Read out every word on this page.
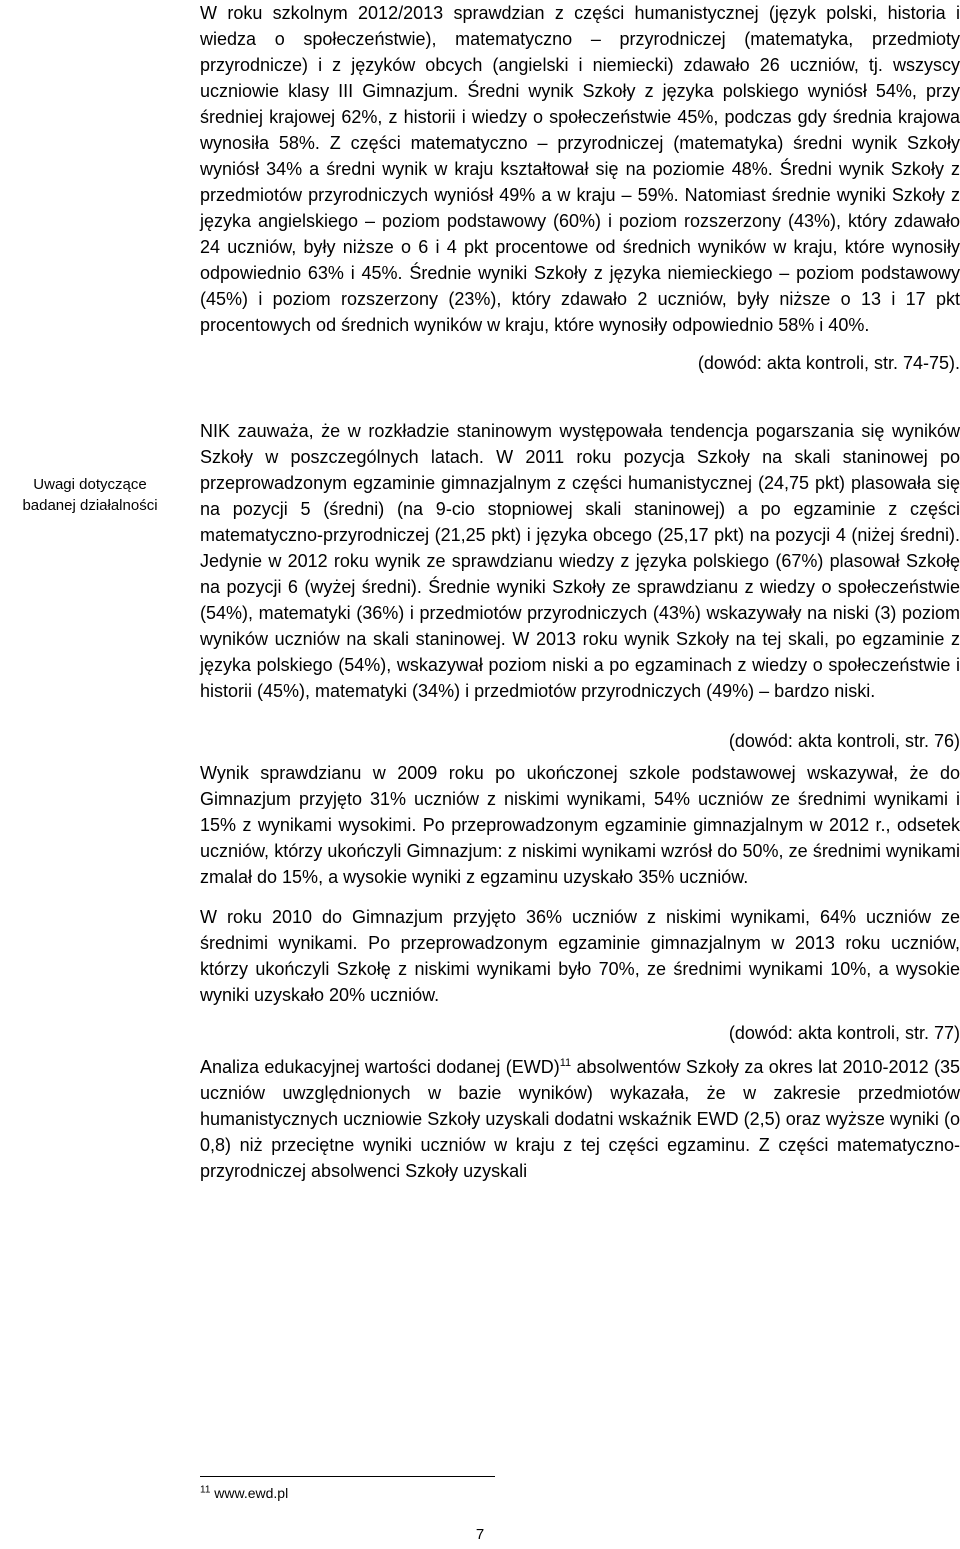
Uwagi dotyczące
badanej działalności

W roku szkolnym 2012/2013 sprawdzian z części humanistycznej (język polski, historia i wiedza o społeczeństwie), matematyczno – przyrodniczej (matematyka, przedmioty przyrodnicze) i z języków obcych (angielski i niemiecki) zdawało 26 uczniów, tj. wszyscy uczniowie klasy III Gimnazjum. Średni wynik Szkoły z języka polskiego wyniósł 54%, przy średniej krajowej 62%, z historii i wiedzy o społeczeństwie 45%, podczas gdy średnia krajowa wynosiła 58%. Z części matematyczno – przyrodniczej (matematyka) średni wynik Szkoły wyniósł 34% a średni wynik w kraju kształtował się na poziomie 48%. Średni wynik Szkoły z przedmiotów przyrodniczych wyniósł 49% a w kraju – 59%. Natomiast średnie wyniki Szkoły z języka angielskiego – poziom podstawowy (60%) i poziom rozszerzony (43%), który zdawało 24 uczniów, były niższe o 6 i 4 pkt procentowe od średnich wyników w kraju, które wynosiły odpowiednio 63% i 45%. Średnie wyniki Szkoły z języka niemieckiego – poziom podstawowy (45%) i poziom rozszerzony (23%), który zdawało 2 uczniów, były niższe o 13 i 17 pkt procentowych od średnich wyników w kraju, które wynosiły odpowiednio 58% i 40%.

(dowód: akta kontroli, str. 74-75).

NIK zauważa, że w rozkładzie staninowym występowała tendencja pogarszania się wyników Szkoły w poszczególnych latach. W 2011 roku pozycja Szkoły na skali staninowej po przeprowadzonym egzaminie gimnazjalnym z części humanistycznej (24,75 pkt) plasowała się na pozycji 5 (średni) (na 9-cio stopniowej skali staninowej) a po egzaminie z części matematyczno-przyrodniczej (21,25 pkt) i języka obcego (25,17 pkt) na pozycji 4 (niżej średni). Jedynie w 2012 roku wynik ze sprawdzianu wiedzy z języka polskiego (67%) plasował Szkołę na pozycji 6 (wyżej średni). Średnie wyniki Szkoły ze sprawdzianu z wiedzy o społeczeństwie (54%), matematyki (36%) i przedmiotów przyrodniczych (43%) wskazywały na niski (3) poziom wyników uczniów na skali staninowej. W 2013 roku wynik Szkoły na tej skali, po egzaminie z języka polskiego (54%), wskazywał poziom niski a po egzaminach z wiedzy o społeczeństwie i historii (45%), matematyki (34%) i przedmiotów przyrodniczych (49%) – bardzo niski.

(dowód: akta kontroli, str. 76)

Wynik sprawdzianu w 2009 roku po ukończonej szkole podstawowej wskazywał, że do Gimnazjum przyjęto 31% uczniów z niskimi wynikami, 54% uczniów ze średnimi wynikami i 15% z wynikami wysokimi. Po przeprowadzonym egzaminie gimnazjalnym w 2012 r., odsetek uczniów, którzy ukończyli Gimnazjum: z niskimi wynikami wzrósł do 50%, ze średnimi wynikami zmalał do 15%, a wysokie wyniki z egzaminu uzyskało 35% uczniów.

W roku 2010 do Gimnazjum przyjęto 36% uczniów z niskimi wynikami, 64% uczniów ze średnimi wynikami. Po przeprowadzonym egzaminie gimnazjalnym w 2013 roku uczniów, którzy ukończyli Szkołę z niskimi wynikami było 70%, ze średnimi wynikami 10%, a wysokie wyniki uzyskało 20% uczniów.

(dowód: akta kontroli, str. 77)

Analiza edukacyjnej wartości dodanej (EWD)$^{11}$ absolwentów Szkoły za okres lat 2010-2012 (35 uczniów uwzględnionych w bazie wyników) wykazała, że w zakresie przedmiotów humanistycznych uczniowie Szkoły uzyskali dodatni wskaźnik EWD (2,5) oraz wyższe wyniki (o 0,8) niż przeciętne wyniki uczniów w kraju z tej części egzaminu. Z części matematyczno-przyrodniczej absolwenci Szkoły uzyskali

$^{11}$ www.ewd.pl
7
